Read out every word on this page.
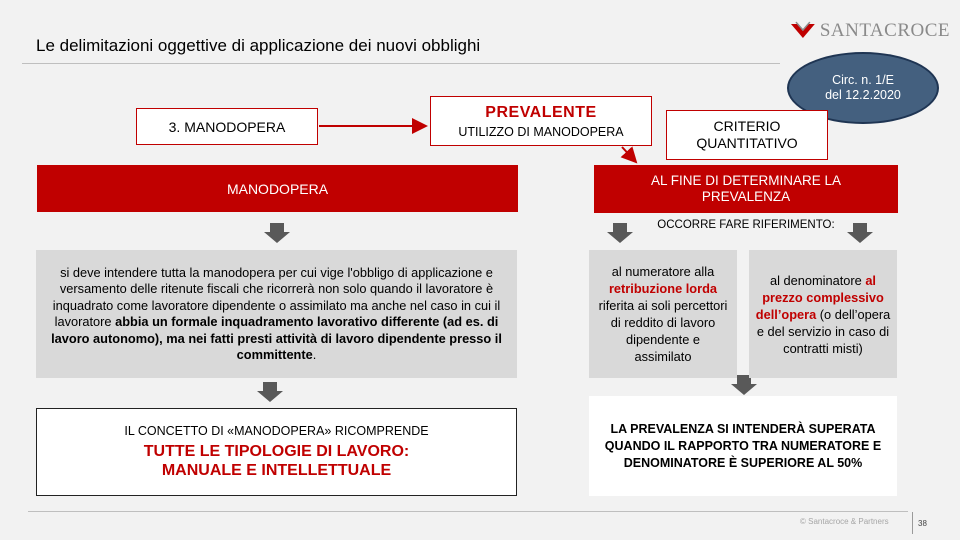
Le delimitazioni oggettive di applicazione dei nuovi obblighi
SANTACROCE
Circ. n. 1/E
del 12.2.2020
3. MANODOPERA
PREVALENTE
UTILIZZO DI MANODOPERA	CRITERIO
QUANTITATIVO
MANODOPERA	AL FINE DI DETERMINARE LA
PREVALENZA
OCCORRE FARE RIFERIMENTO:
si deve intendere tutta la manodopera per cui vige l'obbligo di applicazione e versamento delle ritenute fiscali che ricorrerà non solo quando il lavoratore è inquadrato come lavoratore dipendente o assimilato ma anche nel caso in cui il lavoratore abbia un formale inquadramento lavorativo differente (ad es. di lavoro autonomo), ma nei fatti presti attività di lavoro dipendente presso il committente.
al numeratore alla
retribuzione lorda
riferita ai soli percettori di reddito di lavoro dipendente e assimilato
al denominatore al prezzo complessivo dell’opera (o dell’opera e del servizio in caso di contratti misti)
IL CONCETTO DI «MANODOPERA» RICOMPRENDE
TUTTE LE TIPOLOGIE DI LAVORO:
MANUALE E INTELLETTUALE
LA PREVALENZA SI INTENDERÀ SUPERATA QUANDO IL RAPPORTO TRA NUMERATORE E DENOMINATORE È SUPERIORE AL 50%
© Santacroce & Partners	38
